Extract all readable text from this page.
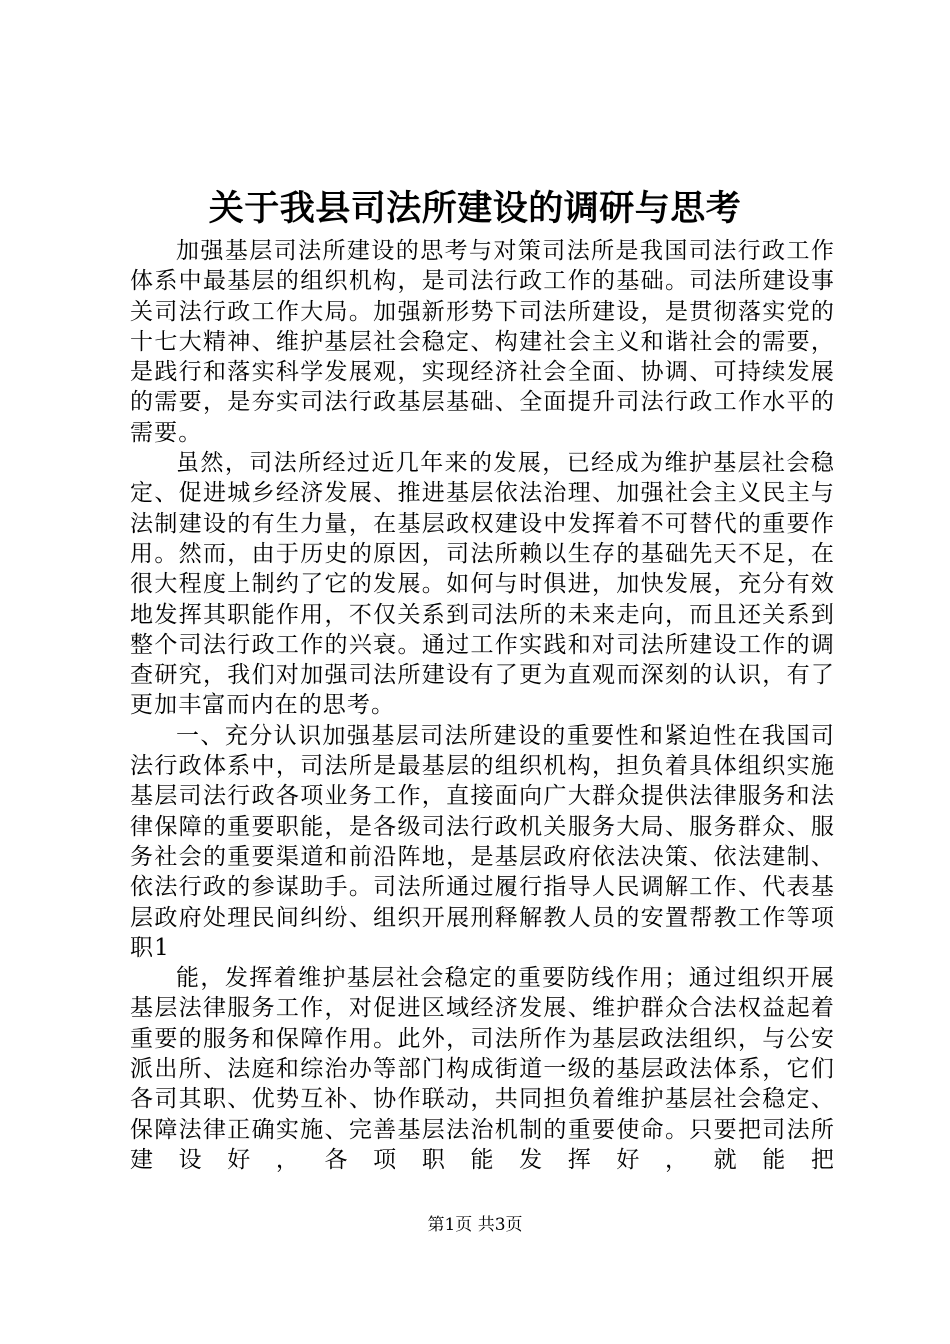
关于我县司法所建设的调研与思考

加强基层司法所建设的思考与对策司法所是我国司法行政工作体系中最基层的组织机构，是司法行政工作的基础。司法所建设事关司法行政工作大局。加强新形势下司法所建设，是贯彻落实党的十七大精神、维护基层社会稳定、构建社会主义和谐社会的需要，是践行和落实科学发展观，实现经济社会全面、协调、可持续发展的需要，是夯实司法行政基层基础、全面提升司法行政工作水平的需要。

虽然，司法所经过近几年来的发展，已经成为维护基层社会稳定、促进城乡经济发展、推进基层依法治理、加强社会主义民主与法制建设的有生力量，在基层政权建设中发挥着不可替代的重要作用。然而，由于历史的原因，司法所赖以生存的基础先天不足，在很大程度上制约了它的发展。如何与时俱进，加快发展，充分有效地发挥其职能作用，不仅关系到司法所的未来走向，而且还关系到整个司法行政工作的兴衰。通过工作实践和对司法所建设工作的调查研究，我们对加强司法所建设有了更为直观而深刻的认识，有了更加丰富而内在的思考。

一、充分认识加强基层司法所建设的重要性和紧迫性在我国司法行政体系中，司法所是最基层的组织机构，担负着具体组织实施基层司法行政各项业务工作，直接面向广大群众提供法律服务和法律保障的重要职能，是各级司法行政机关服务大局、服务群众、服务社会的重要渠道和前沿阵地，是基层政府依法决策、依法建制、依法行政的参谋助手。司法所通过履行指导人民调解工作、代表基层政府处理民间纠纷、组织开展刑释解教人员的安置帮教工作等项职1

能，发挥着维护基层社会稳定的重要防线作用；通过组织开展基层法律服务工作，对促进区域经济发展、维护群众合法权益起着重要的服务和保障作用。此外，司法所作为基层政法组织，与公安派出所、法庭和综治办等部门构成街道一级的基层政法体系，它们各司其职、优势互补、协作联动，共同担负着维护基层社会稳定、保障法律正确实施、完善基层法治机制的重要使命。只要把司法所建设好，各项职能发挥好，就能把

第1页 共3页
